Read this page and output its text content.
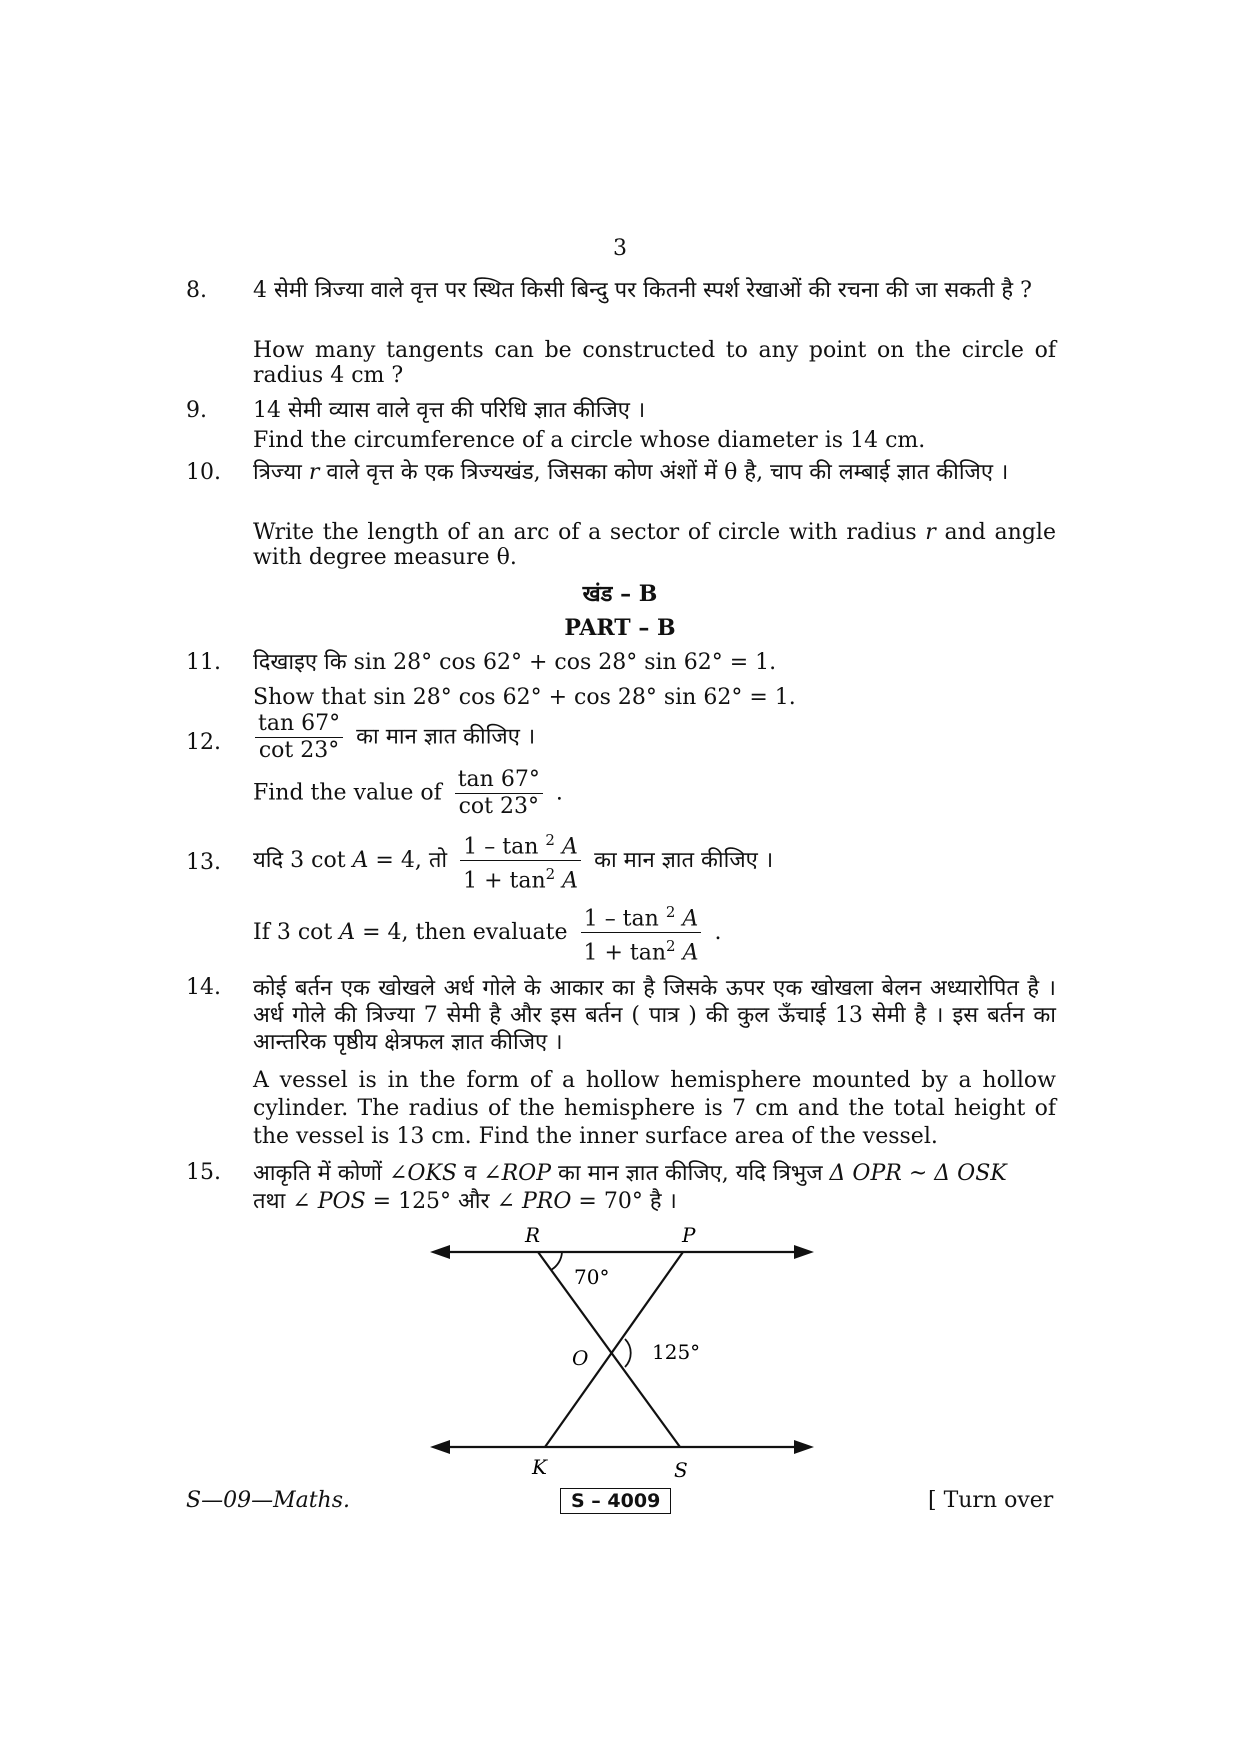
3
8.	4 सेमी त्रिज्या वाले वृत्त पर स्थित किसी बिन्दु पर कितनी स्पर्श रेखाओं की रचना की जा सकती है ?
How many tangents can be constructed to any point on the circle of radius 4 cm ?
9.	14 सेमी व्यास वाले वृत्त की परिधि ज्ञात कीजिए ।
Find the circumference of a circle whose diameter is 14 cm.
10.	त्रिज्या r वाले वृत्त के एक त्रिज्यखंड, जिसका कोण अंशों में θ है, चाप की लम्बाई ज्ञात कीजिए ।
Write the length of an arc of a sector of circle with radius r and angle with degree measure θ.
खंड – B
PART – B
11.	दिखाइए कि sin 28° cos 62° + cos 28° sin 62° = 1.
Show that sin 28° cos 62° + cos 28° sin 62° = 1.
12.	$\frac{\tan 67^\circ}{\cot 23^\circ}$ का मान ज्ञात कीजिए ।
Find the value of $\frac{\tan 67^\circ}{\cot 23^\circ}$ .
13.	यदि 3 cot A = 4, तो $\frac{1 - \tan ^2 A}{1 + \tan^2 A}$ का मान ज्ञात कीजिए ।
If 3 cot A = 4, then evaluate $\frac{1 - \tan ^2 A}{1 + \tan^2 A}$ .
14.	कोई बर्तन एक खोखले अर्ध गोले के आकार का है जिसके ऊपर एक खोखला बेलन अध्यारोपित है । अर्ध गोले की त्रिज्या 7 सेमी है और इस बर्तन ( पात्र ) की कुल ऊँचाई 13 सेमी है । इस बर्तन का आन्तरिक पृष्ठीय क्षेत्रफल ज्ञात कीजिए ।
A vessel is in the form of a hollow hemisphere mounted by a hollow cylinder. The radius of the hemisphere is 7 cm and the total height of the vessel is 13 cm. Find the inner surface area of the vessel.
15.	आकृति में कोणों ∠OKS व ∠ROP का मान ज्ञात कीजिए, यदि त्रिभुज Δ OPR ~ Δ OSK
तथा ∠ POS = 125° और ∠ PRO = 70° है ।
R	P
O
K	S
70°
125°
S—09—Maths.	S – 4009	[ Turn over
